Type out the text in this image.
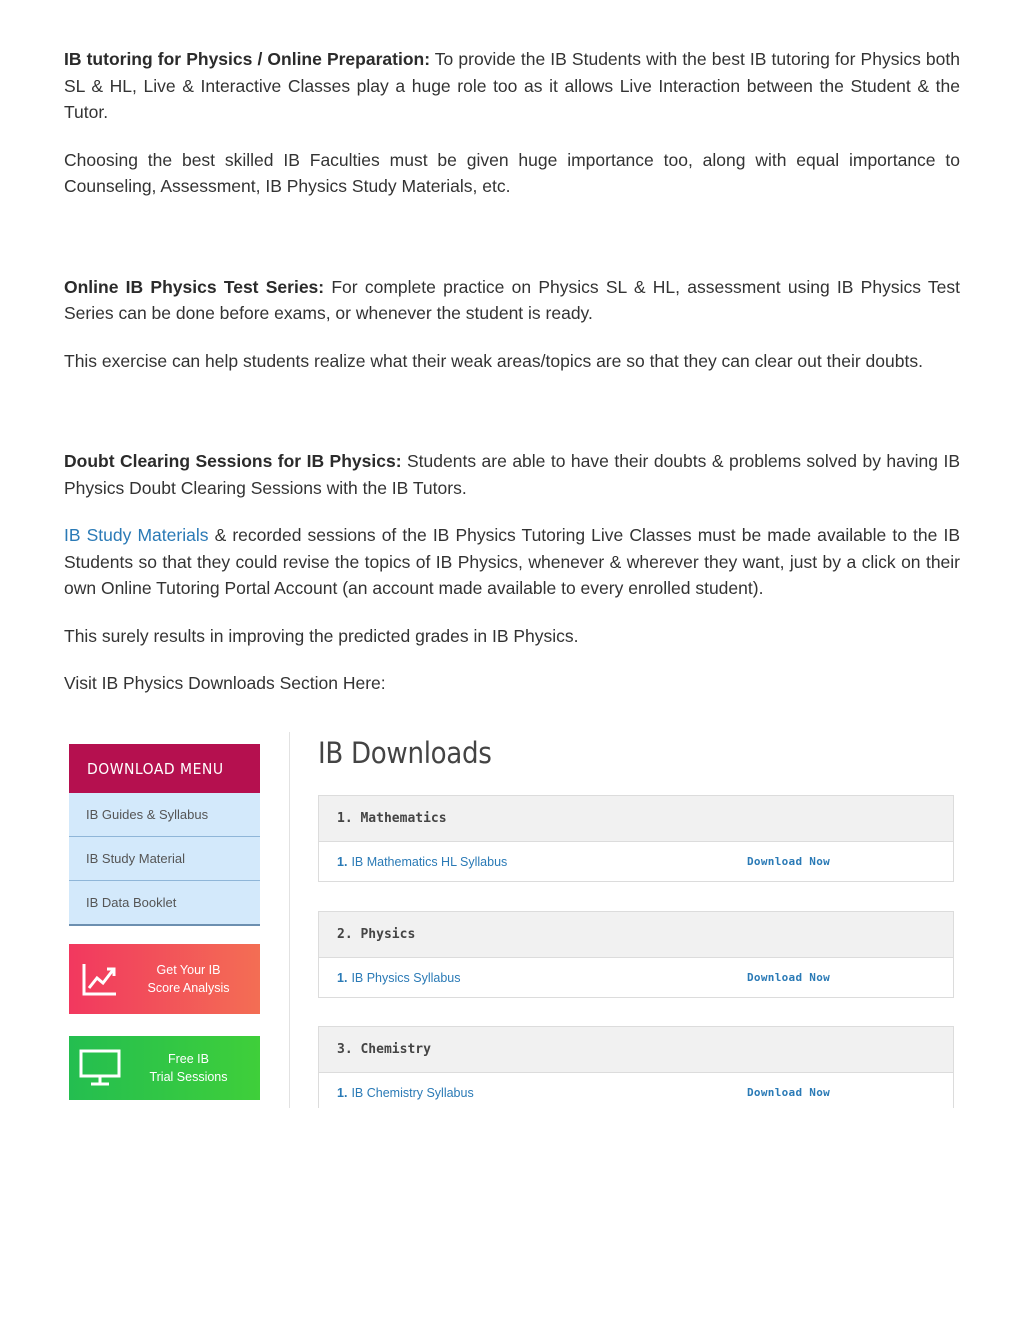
IB tutoring for Physics / Online Preparation: To provide the IB Students with the best IB tutoring for Physics both SL & HL, Live & Interactive Classes play a huge role too as it allows Live Interaction between the Student & the Tutor.

Choosing the best skilled IB Faculties must be given huge importance too, along with equal importance to Counseling, Assessment, IB Physics Study Materials, etc.

Online IB Physics Test Series: For complete practice on Physics SL & HL, assessment using IB Physics Test Series can be done before exams, or whenever the student is ready.

This exercise can help students realize what their weak areas/topics are so that they can clear out their doubts.

Doubt Clearing Sessions for IB Physics: Students are able to have their doubts & problems solved by having IB Physics Doubt Clearing Sessions with the IB Tutors.

IB Study Materials & recorded sessions of the IB Physics Tutoring Live Classes must be made available to the IB Students so that they could revise the topics of IB Physics, whenever & wherever they want, just by a click on their own Online Tutoring Portal Account (an account made available to every enrolled student).

This surely results in improving the predicted grades in IB Physics.

Visit IB Physics Downloads Section Here:

DOWNLOAD MENU
IB Guides & Syllabus
IB Study Material
IB Data Booklet
Get Your IB
Score Analysis
Free IB
Trial Sessions
IB Downloads
1. Mathematics
1. IB Mathematics HL Syllabus	Download Now
2. Physics
1. IB Physics Syllabus	Download Now
3. Chemistry
1. IB Chemistry Syllabus	Download Now
